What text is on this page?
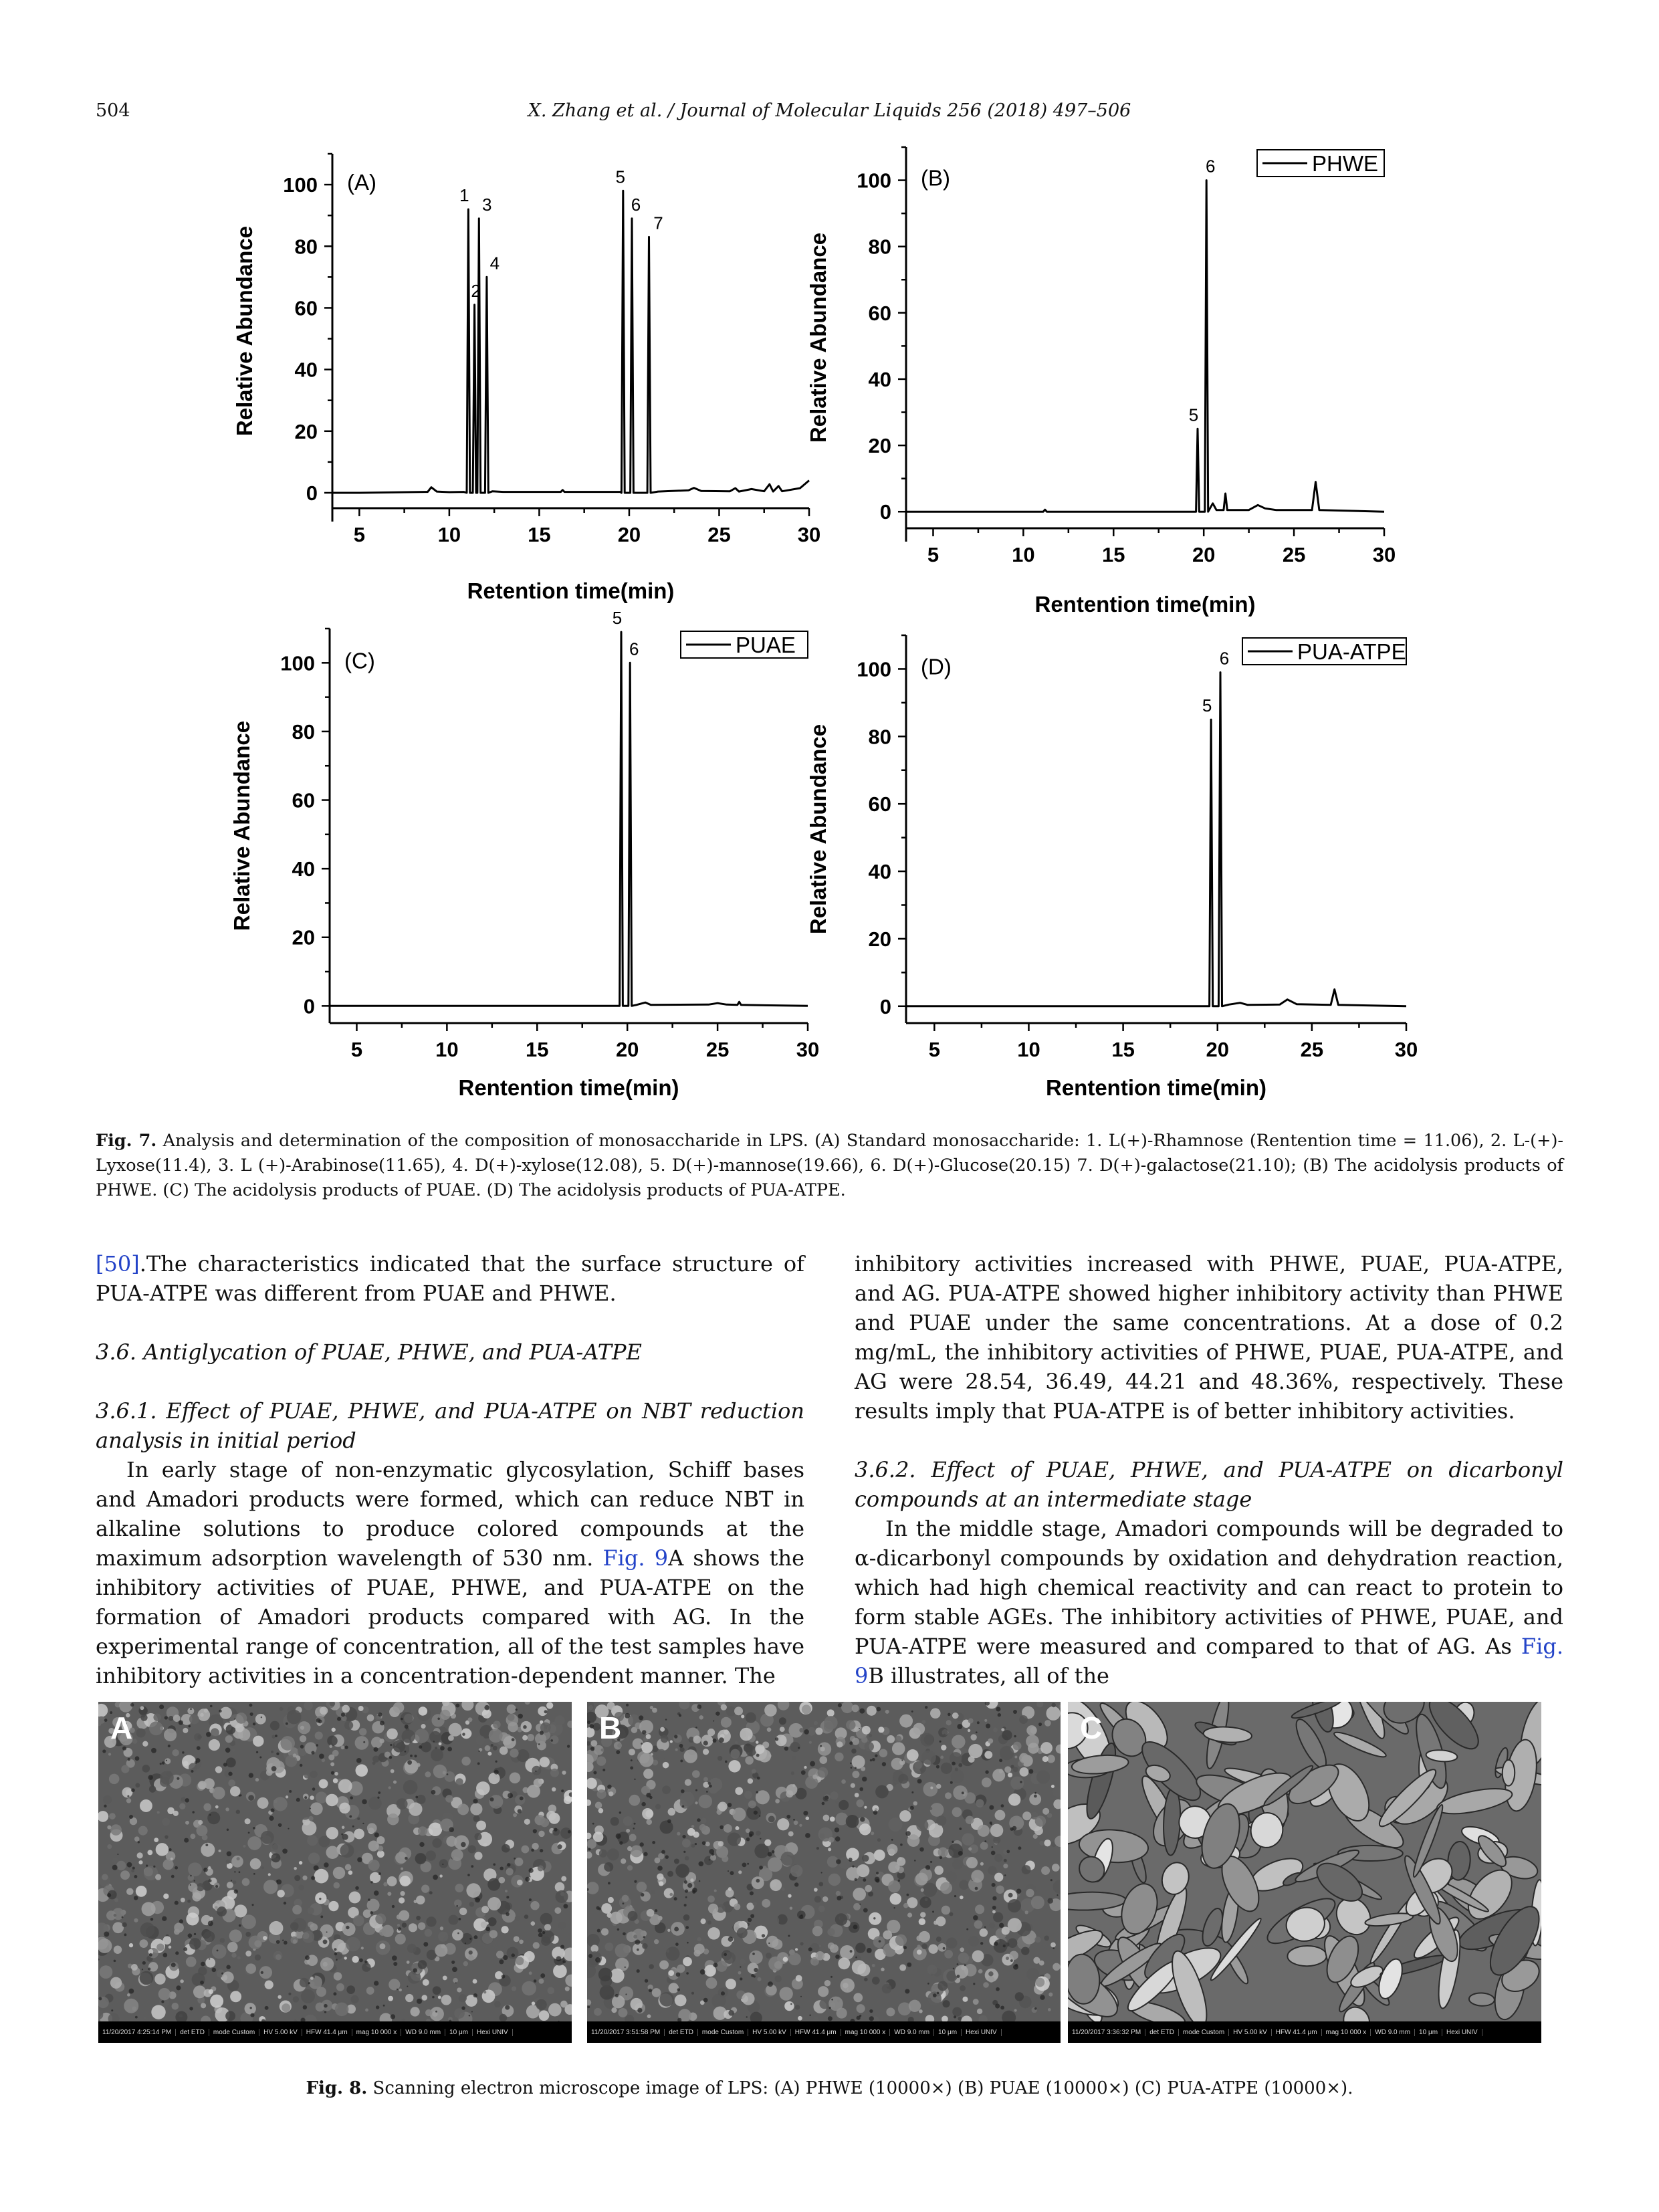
504	X. Zhang et al. / Journal of Molecular Liquids 256 (2018) 497–506
5	10	15	20	25	30
0
20
40
60
80
100
Retention time(min)
Relative Abundance
(A)
1
2
3
4
5
6
7
5	10	15	20	25	30
0
20
40
60
80
100
Rentention time(min)
Relative Abundance
(B)
5
6	PHWE
5	10	15	20	25	30
0
20
40
60
80
100
Rentention time(min)
Relative Abundance
(C)
5
6	PUAE
5	10	15	20	25	30
0
20
40
60
80
100
Rentention time(min)
Relative Abundance
(D)
5
6	PUA-ATPE
Fig. 7. Analysis and determination of the composition of monosaccharide in LPS. (A) Standard monosaccharide: 1. L(+)-Rhamnose (Rentention time = 11.06), 2. L-(+)-Lyxose(11.4), 3. L (+)-Arabinose(11.65), 4. D(+)-xylose(12.08), 5. D(+)-mannose(19.66), 6. D(+)-Glucose(20.15) 7. D(+)-galactose(21.10); (B) The acidolysis products of PHWE. (C) The acidolysis products of PUAE. (D) The acidolysis products of PUA-ATPE.

[50].The characteristics indicated that the surface structure of PUA-ATPE was different from PUAE and PHWE.

3.6. Antiglycation of PUAE, PHWE, and PUA-ATPE

3.6.1. Effect of PUAE, PHWE, and PUA-ATPE on NBT reduction analysis in initial period

In early stage of non-enzymatic glycosylation, Schiff bases and Amadori products were formed, which can reduce NBT in alkaline solutions to produce colored compounds at the maximum adsorption wavelength of 530 nm. Fig. 9A shows the inhibitory activities of PUAE, PHWE, and PUA-ATPE on the formation of Amadori products compared with AG. In the experimental range of concentration, all of the test samples have inhibitory activities in a concentration-dependent manner. The

inhibitory activities increased with PHWE, PUAE, PUA-ATPE, and AG. PUA-ATPE showed higher inhibitory activity than PHWE and PUAE under the same concentrations. At a dose of 0.2 mg/mL, the inhibitory activities of PHWE, PUAE, PUA-ATPE, and AG were 28.54, 36.49, 44.21 and 48.36%, respectively. These results imply that PUA-ATPE is of better inhibitory activities.

3.6.2. Effect of PUAE, PHWE, and PUA-ATPE on dicarbonyl compounds at an intermediate stage

In the middle stage, Amadori compounds will be degraded to α-dicarbonyl compounds by oxidation and dehydration reaction, which had high chemical reactivity and can react to protein to form stable AGEs. The inhibitory activities of PHWE, PUAE, and PUA-ATPE were measured and compared to that of AG. As Fig. 9B illustrates, all of the

A
11/20/2017 4:25:14 PM	det ETD	mode Custom	HV 5.00 kV	HFW 41.4 μm	mag 10 000 x	WD 9.0 mm	10 μm	Hexi UNIV
B
11/20/2017 3:51:58 PM	det ETD	mode Custom	HV 5.00 kV	HFW 41.4 μm	mag 10 000 x	WD 9.0 mm	10 μm	Hexi UNIV
C
11/20/2017 3:36:32 PM	det ETD	mode Custom	HV 5.00 kV	HFW 41.4 μm	mag 10 000 x	WD 9.0 mm	10 μm	Hexi UNIV
Fig. 8. Scanning electron microscope image of LPS: (A) PHWE (10000×) (B) PUAE (10000×) (C) PUA-ATPE (10000×).
